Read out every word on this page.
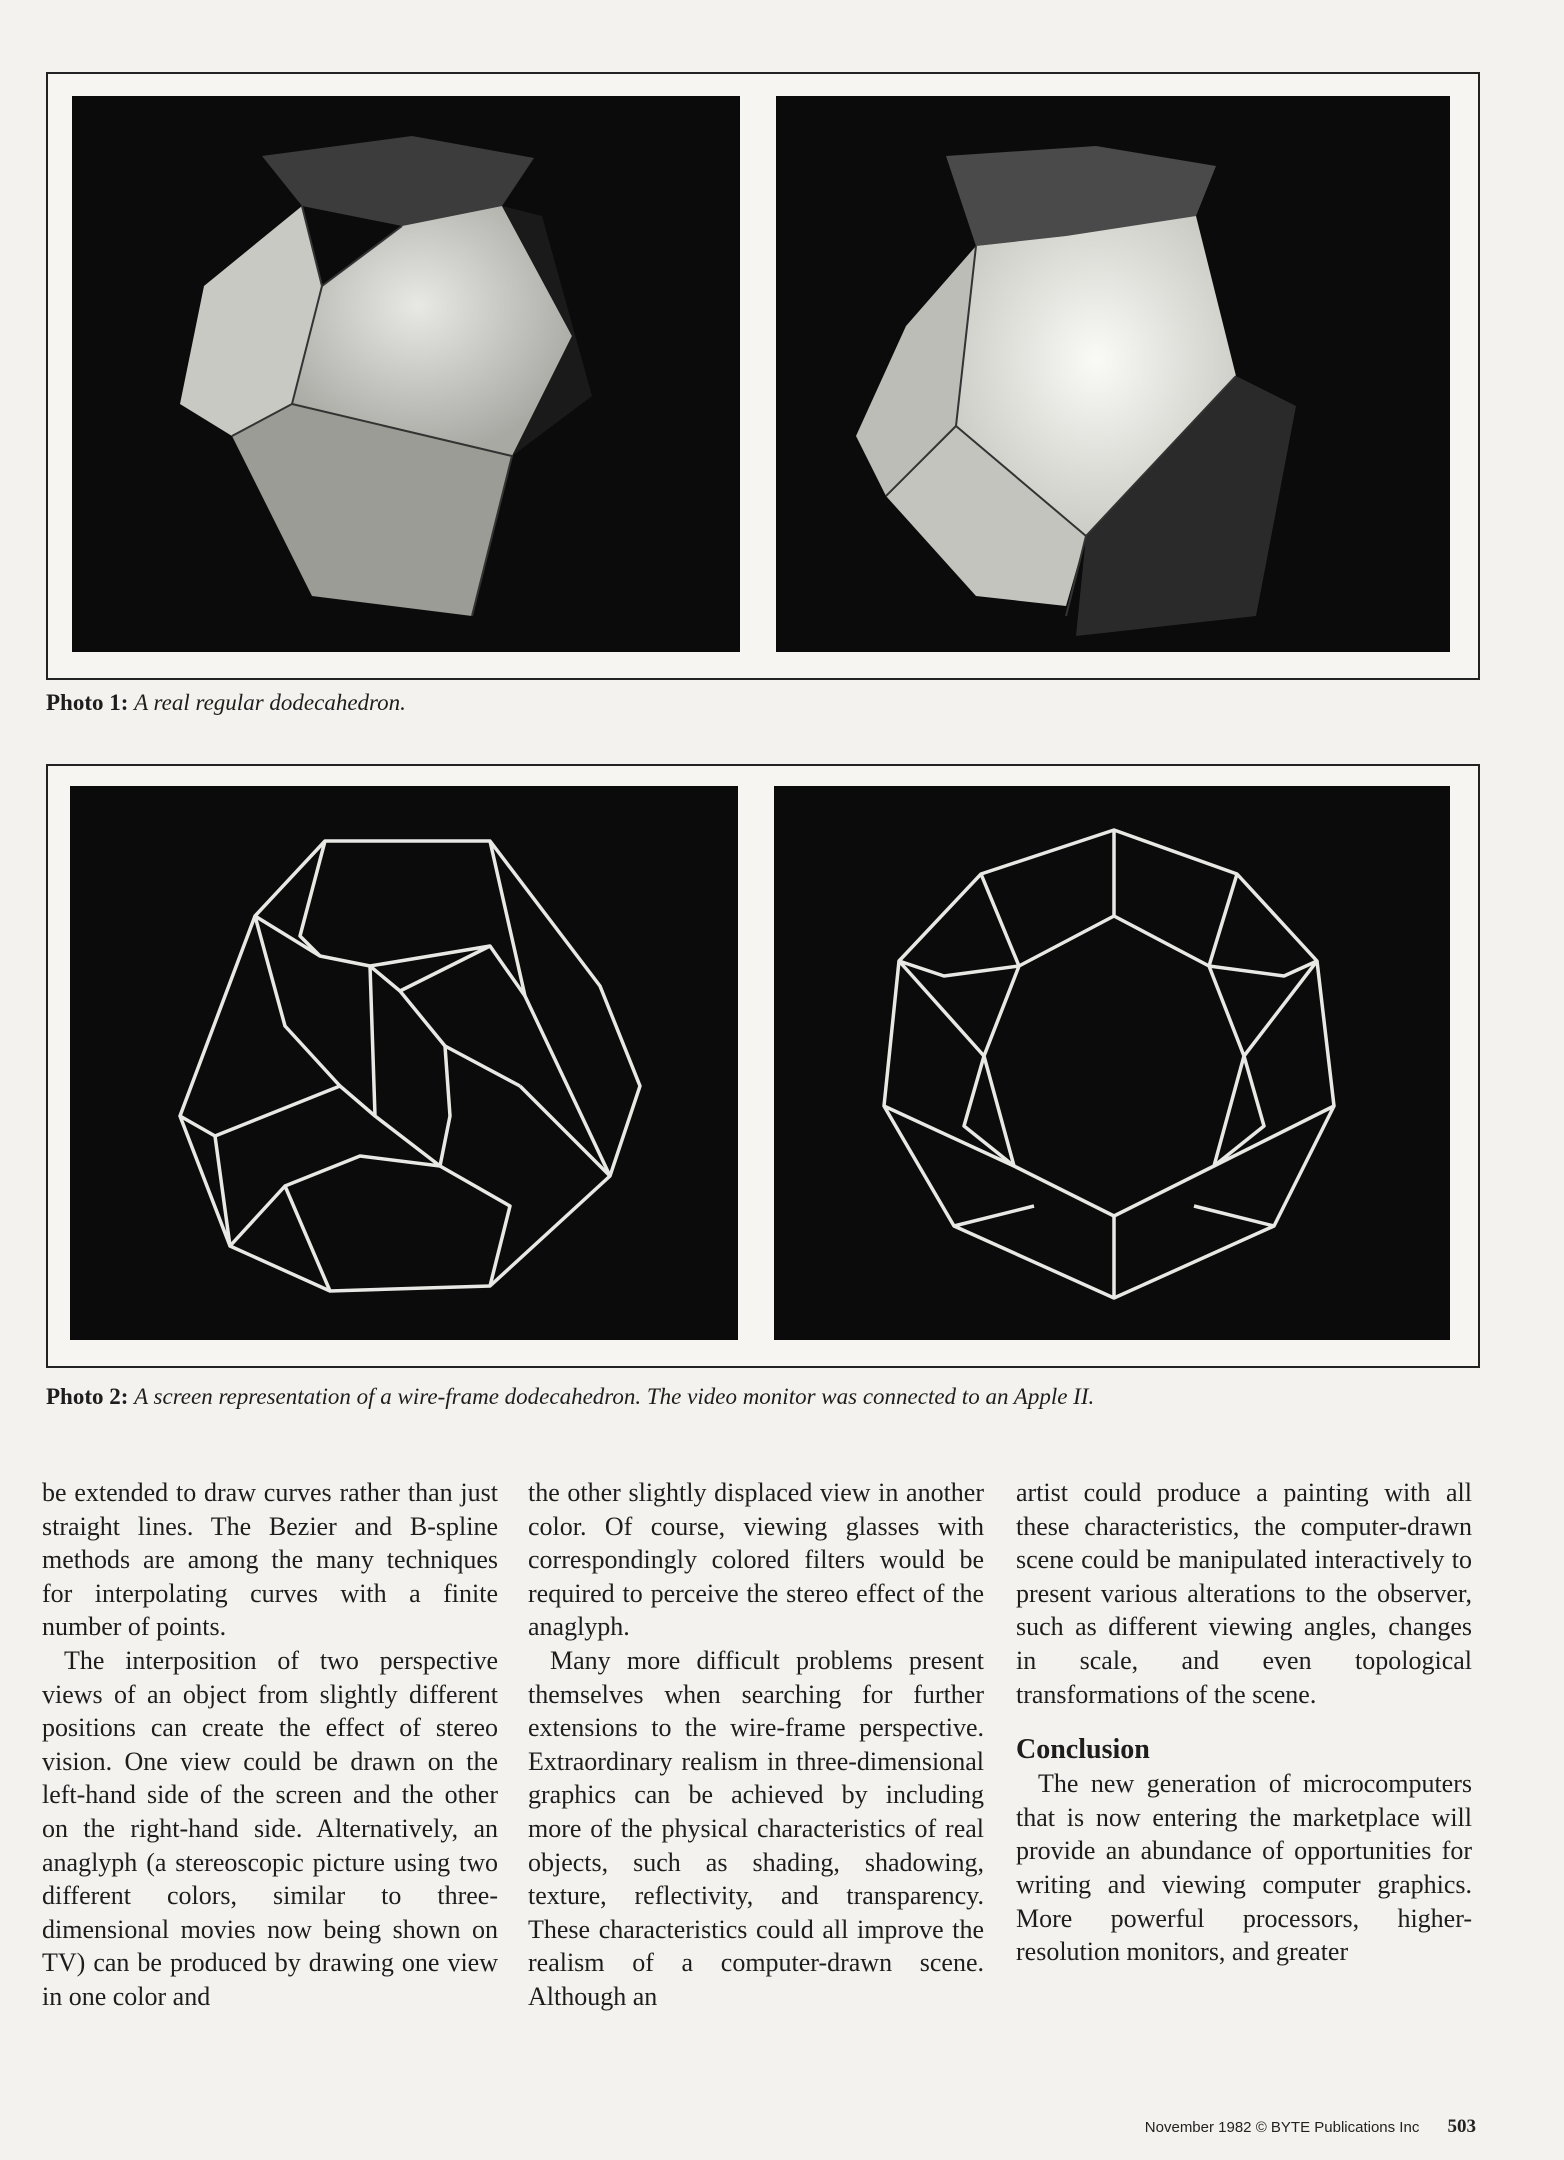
Photo 1: A real regular dodecahedron.
Photo 2: A screen representation of a wire-frame dodecahedron. The video monitor was connected to an Apple II.

be extended to draw curves rather than just straight lines. The Bezier and B-spline methods are among the many techniques for interpolating curves with a finite number of points.

The interposition of two perspective views of an object from slightly different positions can create the effect of stereo vision. One view could be drawn on the left-hand side of the screen and the other on the right-hand side. Alternatively, an anaglyph (a stereoscopic picture using two different colors, similar to three-dimensional movies now being shown on TV) can be produced by drawing one view in one color and

the other slightly displaced view in another color. Of course, viewing glasses with correspondingly colored filters would be required to perceive the stereo effect of the anaglyph.

Many more difficult problems present themselves when searching for further extensions to the wire-frame perspective. Extraordinary realism in three-dimensional graphics can be achieved by including more of the physical characteristics of real objects, such as shading, shadowing, texture, reflectivity, and transparency. These characteristics could all improve the realism of a computer-drawn scene. Although an

artist could produce a painting with all these characteristics, the computer-drawn scene could be manipulated interactively to present various alterations to the observer, such as different viewing angles, changes in scale, and even topological transformations of the scene.

Conclusion

The new generation of microcomputers that is now entering the marketplace will provide an abundance of opportunities for writing and viewing computer graphics. More powerful processors, higher-resolution monitors, and greater

November 1982 © BYTE Publications Inc 503
